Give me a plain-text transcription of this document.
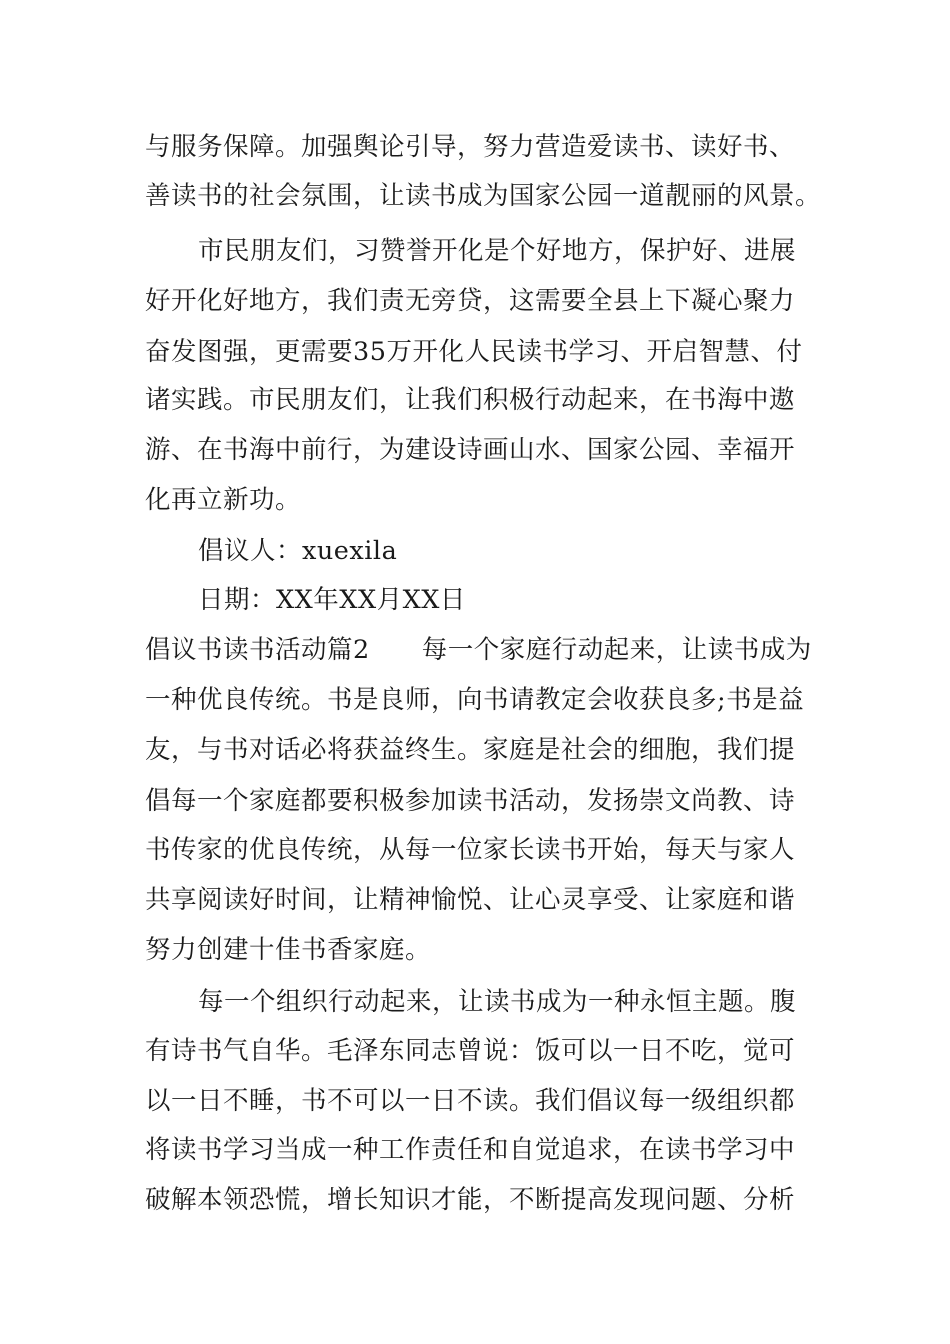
与服务保障。加强舆论引导，努力营造爱读书、读好书、
善读书的社会氛围，让读书成为国家公园一道靓丽的风景。
市民朋友们，习赞誉开化是个好地方，保护好、进展
好开化好地方，我们责无旁贷，这需要全县上下凝心聚力
奋发图强，更需要35万开化人民读书学习、开启智慧、付
诸实践。市民朋友们，让我们积极行动起来，在书海中遨
游、在书海中前行，为建设诗画山水、国家公园、幸福开
化再立新功。
倡议人：xuexila
日期：XX年XX月XX日
倡议书读书活动篇2 每一个家庭行动起来，让读书成为
一种优良传统。书是良师，向书请教定会收获良多;书是益
友，与书对话必将获益终生。家庭是社会的细胞，我们提
倡每一个家庭都要积极参加读书活动，发扬崇文尚教、诗
书传家的优良传统，从每一位家长读书开始，每天与家人
共享阅读好时间，让精神愉悦、让心灵享受、让家庭和谐
努力创建十佳书香家庭。
每一个组织行动起来，让读书成为一种永恒主题。腹
有诗书气自华。毛泽东同志曾说：饭可以一日不吃，觉可
以一日不睡，书不可以一日不读。我们倡议每一级组织都
将读书学习当成一种工作责任和自觉追求，在读书学习中
破解本领恐慌，增长知识才能，不断提高发现问题、分析
